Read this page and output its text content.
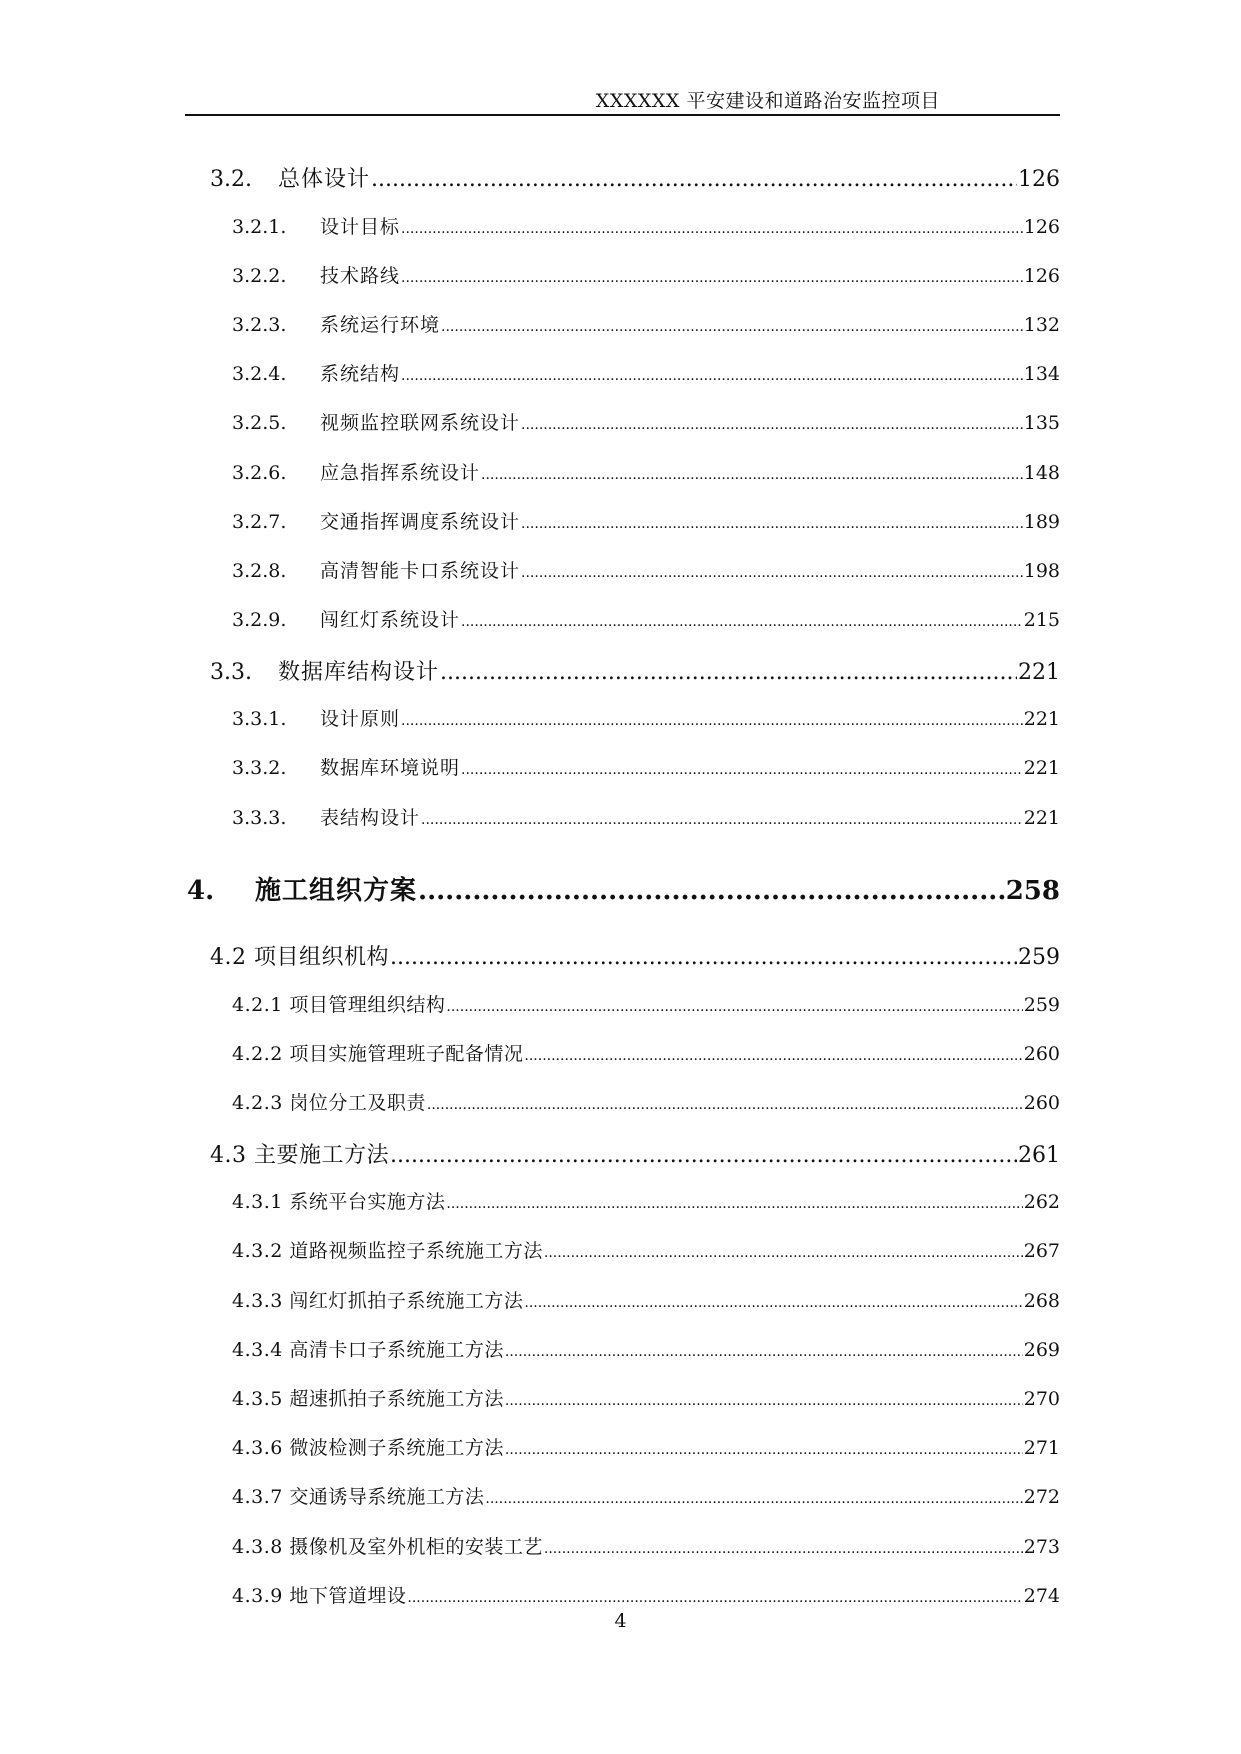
XXXXXX 平安建设和道路治安监控项目
3.2.	总体设计 .....	126
3.2.1.	设计目标 .....	126
3.2.2.	技术路线 .....	126
3.2.3.	系统运行环境 .....	132
3.2.4.	系统结构 .....	134
3.2.5.	视频监控联网系统设计 .....	135
3.2.6.	应急指挥系统设计 .....	148
3.2.7.	交通指挥调度系统设计 .....	189
3.2.8.	高清智能卡口系统设计 .....	198
3.2.9.	闯红灯系统设计 .....	215
3.3.	数据库结构设计 .....	221
3.3.1.	设计原则 .....	221
3.3.2.	数据库环境说明 .....	221
3.3.3.	表结构设计 .....	221
4.	施工组织方案 .....	258
4.2 项目组织机构 .....	259
4.2.1 项目管理组织结构 .....	259
4.2.2 项目实施管理班子配备情况 .....	260
4.2.3 岗位分工及职责 .....	260
4.3 主要施工方法 .....	261
4.3.1 系统平台实施方法 .....	262
4.3.2 道路视频监控子系统施工方法 .....	267
4.3.3 闯红灯抓拍子系统施工方法 .....	268
4.3.4 高清卡口子系统施工方法 .....	269
4.3.5 超速抓拍子系统施工方法 .....	270
4.3.6 微波检测子系统施工方法 .....	271
4.3.7 交通诱导系统施工方法 .....	272
4.3.8 摄像机及室外机柜的安装工艺 .....	273
4.3.9 地下管道埋设 .....	274
4
